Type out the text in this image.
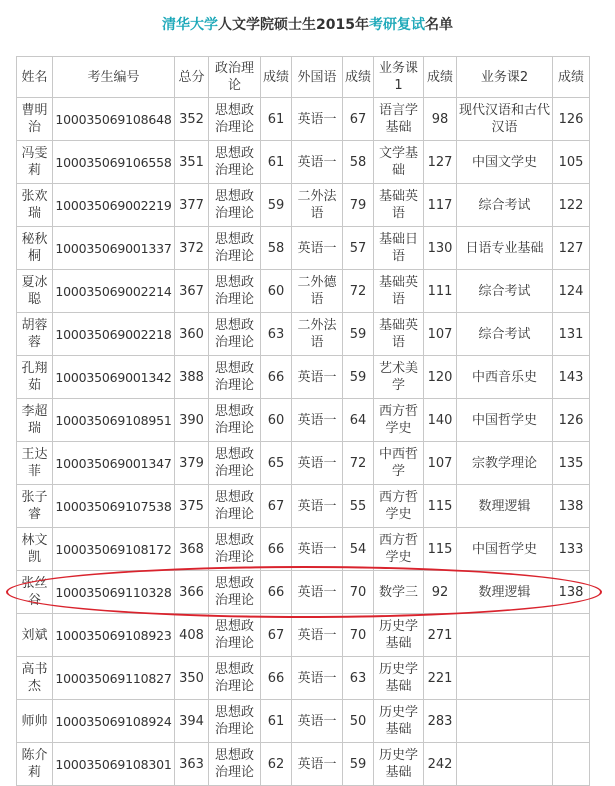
清华大学人文学院硕士生2015年考研复试名单
姓名	考生编号	总分	政治理论	成绩	外国语	成绩	业务课1	成绩	业务课2	成绩
曹明治	100035069108648	352	思想政治理论	61	英语一	67	语言学基础	98	现代汉语和古代汉语	126
冯雯莉	100035069106558	351	思想政治理论	61	英语一	58	文学基础	127	中国文学史	105
张欢瑞	100035069002219	377	思想政治理论	59	二外法语	79	基础英语	117	综合考试	122
秘秋桐	100035069001337	372	思想政治理论	58	英语一	57	基础日语	130	日语专业基础	127
夏冰聪	100035069002214	367	思想政治理论	60	二外德语	72	基础英语	111	综合考试	124
胡蓉蓉	100035069002218	360	思想政治理论	63	二外法语	59	基础英语	107	综合考试	131
孔翔茹	100035069001342	388	思想政治理论	66	英语一	59	艺术美学	120	中西音乐史	143
李超瑞	100035069108951	390	思想政治理论	60	英语一	64	西方哲学史	140	中国哲学史	126
王达菲	100035069001347	379	思想政治理论	65	英语一	72	中西哲学	107	宗教学理论	135
张子睿	100035069107538	375	思想政治理论	67	英语一	55	西方哲学史	115	数理逻辑	138
林文凯	100035069108172	368	思想政治理论	66	英语一	54	西方哲学史	115	中国哲学史	133
张丝谷	100035069110328	366	思想政治理论	66	英语一	70	数学三	92	数理逻辑	138
刘斌	100035069108923	408	思想政治理论	67	英语一	70	历史学基础	271		
高书杰	100035069110827	350	思想政治理论	66	英语一	63	历史学基础	221		
师帅	100035069108924	394	思想政治理论	61	英语一	50	历史学基础	283		
陈介莉	100035069108301	363	思想政治理论	62	英语一	59	历史学基础	242		
